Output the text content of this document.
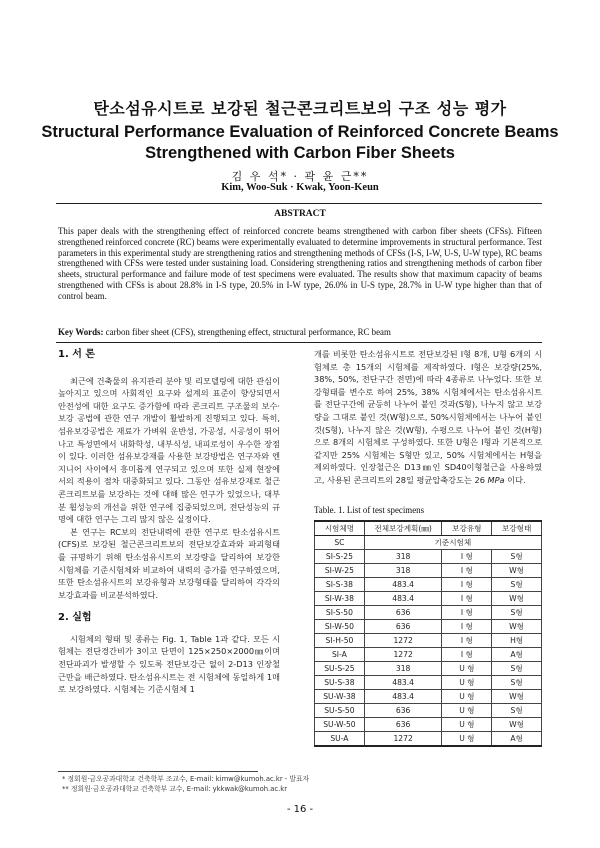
탄소섬유시트로 보강된 철근콘크리트보의 구조 성능 평가
Structural Performance Evaluation of Reinforced Concrete Beams
Strengthened with Carbon Fiber Sheets
김 우 석* · 곽 윤 근**
Kim, Woo-Suk · Kwak, Yoon-Keun
ABSTRACT
This paper deals with the strengthening effect of reinforced concrete beams strengthened with carbon fiber sheets (CFSs). Fifteen strengthened reinforced concrete (RC) beams were experimentally evaluated to determine improvements in structural performance. Test parameters in this experimental study are strengthening ratios and strengthening methods of CFSs (I-S, I-W, U-S, U-W type), RC beams strengthened with CFSs were tested under sustaining load. Considering strengthening ratios and strengthening methods of carbon fiber sheets, structural performance and failure mode of test specimens were evaluated. The results show that maximum capacity of beams strengthened with CFSs is about 28.8% in I-S type, 20.5% in I-W type, 26.0% in U-S type, 28.7% in U-W type higher than that of control beam.
Key Words: carbon fiber sheet (CFS), strengthening effect, structural performance, RC beam
1. 서 론

최근에 건축물의 유지관리 분야 및 리모델링에 대한 관심이 높아지고 있으며 사회적인 요구와 설계의 표준이 향상되면서 안전성에 대한 요구도 증가함에 따라 콘크리트 구조물의 보수·보강 공법에 관한 연구 개발이 활발하게 진행되고 있다. 특히, 섬유보강공법은 재료가 가벼워 운반성, 가공성, 시공성이 뛰어나고 특성면에서 내화학성, 내부식성, 내피로성이 우수한 장점이 있다. 이러한 섬유보강재를 사용한 보강방법은 연구자와 엔지니어 사이에서 흥미롭게 연구되고 있으며 또한 실제 현장에서의 적용이 점차 대중화되고 있다. 그동안 섬유보강재로 철근콘크리트보를 보강하는 것에 대해 많은 연구가 있었으나, 대부분 휨성능의 개선을 위한 연구에 집중되었으며, 전단성능의 규명에 대한 연구는 그리 많지 않은 실정이다.

본 연구는 RC보의 전단내력에 관한 연구로 탄소섬유시트(CFS)로 보강된 철근콘크리트보의 전단보강효과와 파괴형태를 규명하기 위해 탄소섬유시트의 보강량을 달리하여 보강한 시험체를 기준시험체와 비교하여 내력의 증가를 연구하였으며, 또한 탄소섬유시트의 보강유형과 보강형태를 달리하여 각각의 보강효과를 비교분석하였다.

2. 실험

시험체의 형태 및 종류는 Fig. 1, Table 1과 같다. 모든 시험체는 전단경간비가 3이고 단면이 125×250×2000㎜이며 전단파괴가 발생할 수 있도록 전단보강근 없이 2-D13 인장철근만을 배근하였다. 탄소섬유시트는 전 시험체에 동일하게 1매로 보강하였다. 시험체는 기준시험체 1

개를 비롯한 탄소섬유시트로 전단보강된 I형 8개, U형 6개의 시험체로 총 15개의 시험체를 제작하였다. I형은 보강량(25%, 38%, 50%, 전단구간 전면)에 따라 4종류로 나누었다. 또한 보강형태를 변수로 하여 25%, 38% 시험체에서는 탄소섬유시트를 전단구간에 균등히 나누어 붙인 것과(S형), 나누지 않고 보강량을 그대로 붙인 것(W형)으로, 50%시험체에서는 나누어 붙인 것(S형), 나누지 않은 것(W형), 수평으로 나누어 붙인 것(H형)으로 8개의 시험체로 구성하였다. 또한 U형은 I형과 기본적으로 같지만 25% 시험체는 S형만 있고, 50% 시험체에서는 H형을 제외하였다. 인장철근은 D13㎜인 SD40이형철근을 사용하였고, 사용된 콘크리트의 28일 평균압축강도는 26 MPa 이다.

Table. 1. List of test specimens
시험체명	전체보강계획(㎜)	보강유형	보강형태
SC	기준시험체		
SI-S-25	318	I 형	S형
SI-W-25	318	I 형	W형
SI-S-38	483.4	I 형	S형
SI-W-38	483.4	I 형	W형
SI-S-50	636	I 형	S형
SI-W-50	636	I 형	W형
SI-H-50	1272	I 형	H형
SI-A	1272	I 형	A형
SU-S-25	318	U 형	S형
SU-S-38	483.4	U 형	S형
SU-W-38	483.4	U 형	W형
SU-S-50	636	U 형	S형
SU-W-50	636	U 형	W형
SU-A	1272	U 형	A형
* 정회원·금오공과대학교 건축학부 조교수, E-mail: kimw@kumoh.ac.kr - 발표자
** 정회원·금오공과대학교 건축학부 교수, E-mail: ykkwak@kumoh.ac.kr
- 16 -
